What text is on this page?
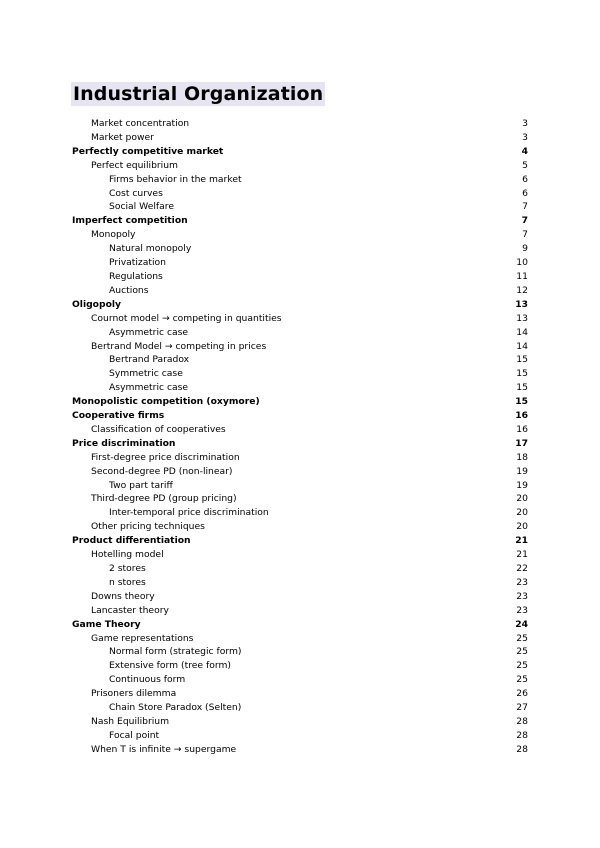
Industrial Organization
Market concentration	3
Market power	3
Perfectly competitive market	4
Perfect equilibrium	5
Firms behavior in the market	6
Cost curves	6
Social Welfare	7
Imperfect competition	7
Monopoly	7
Natural monopoly	9
Privatization	10
Regulations	11
Auctions	12
Oligopoly	13
Cournot model → competing in quantities	13
Asymmetric case	14
Bertrand Model → competing in prices	14
Bertrand Paradox	15
Symmetric case	15
Asymmetric case	15
Monopolistic competition (oxymore)	15
Cooperative firms	16
Classification of cooperatives	16
Price discrimination	17
First-degree price discrimination	18
Second-degree PD (non-linear)	19
Two part tariff	19
Third-degree PD (group pricing)	20
Inter-temporal price discrimination	20
Other pricing techniques	20
Product differentiation	21
Hotelling model	21
2 stores	22
n stores	23
Downs theory	23
Lancaster theory	23
Game Theory	24
Game representations	25
Normal form (strategic form)	25
Extensive form (tree form)	25
Continuous form	25
Prisoners dilemma	26
Chain Store Paradox (Selten)	27
Nash Equilibrium	28
Focal point	28
When T is infinite → supergame	28
